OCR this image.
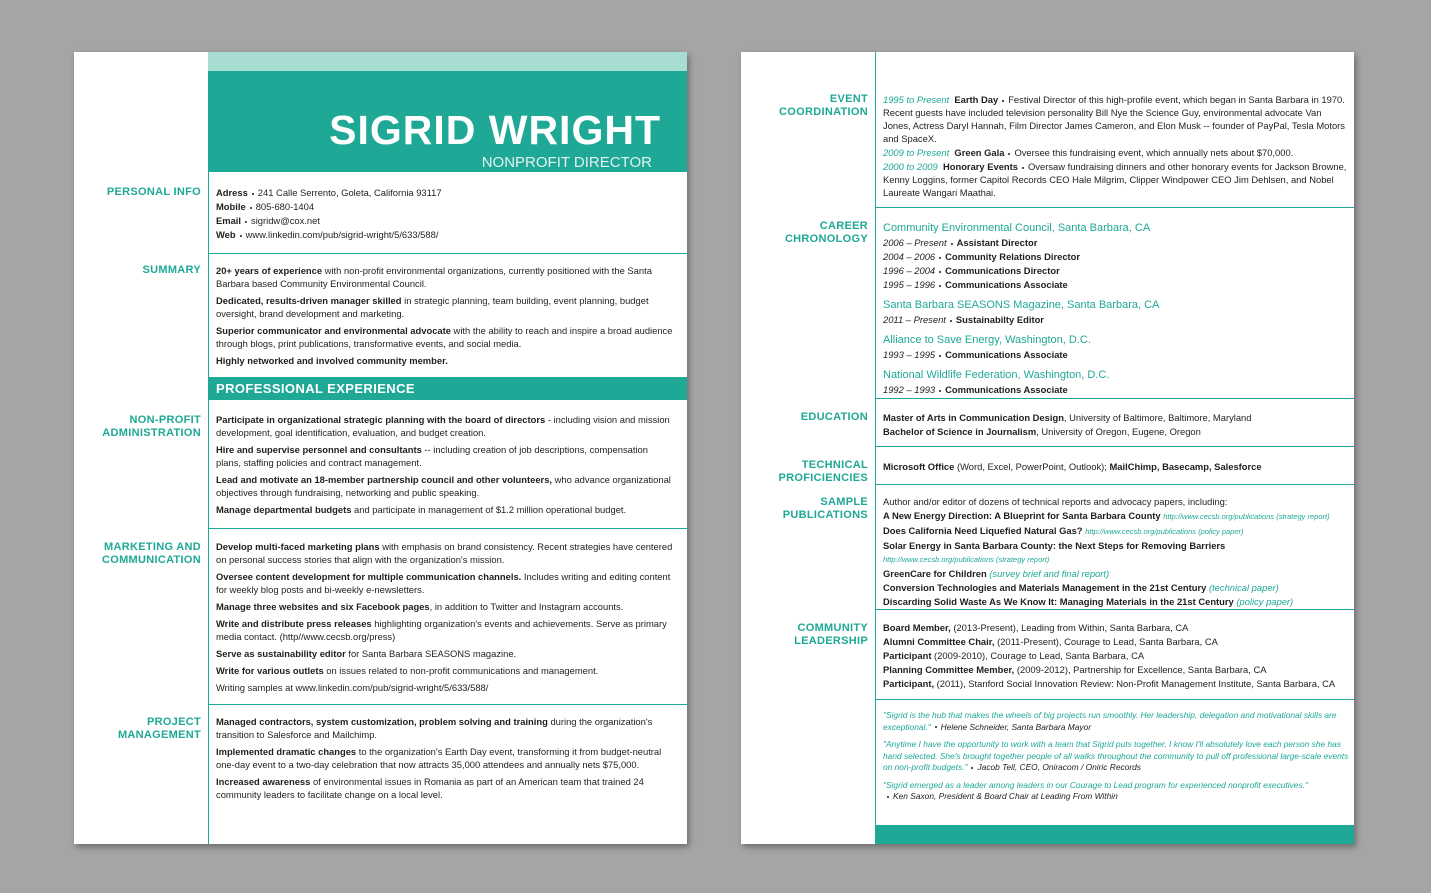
SIGRID WRIGHT
NONPROFIT DIRECTOR
PERSONAL INFO Adress 241 Calle Serrento, Goleta, California 93117

Mobile 805-680-1404

Email sigridw@cox.net

Web www.linkedin.com/pub/sigrid-wright/5/633/588/

SUMMARY 20+ years of experience with non-profit environmental organizations, currently positioned with the Santa Barbara based Community Environmental Council.

Dedicated, results-driven manager skilled in strategic planning, team building, event planning, budget oversight, brand development and marketing.

Superior communicator and environmental advocate with the ability to reach and inspire a broad audience through blogs, print publications, transformative events, and social media.

Highly networked and involved community member.

PROFESSIONAL EXPERIENCE
NON-PROFIT ADMINISTRATION

Participate in organizational strategic planning with the board of directors - including vision and mission development, goal identification, evaluation, and budget creation.

Hire and supervise personnel and consultants -- including creation of job descriptions, compensation plans, staffing policies and contract management.

Lead and motivate an 18-member partnership council and other volunteers, who advance organizational objectives through fundraising, networking and public speaking.

Manage departmental budgets and participate in management of $1.2 million operational budget.

MARKETING AND COMMUNICATION

Develop multi-faced marketing plans with emphasis on brand consistency. Recent strategies have centered on personal success stories that align with the organization's mission.

Oversee content development for multiple communication channels. Includes writing and editing content for weekly blog posts and bi-weekly e-newsletters.

Manage three websites and six Facebook pages, in addition to Twitter and Instagram accounts.

Write and distribute press releases highlighting organization's events and achievements. Serve as primary media contact. (http//www.cecsb.org/press)

Serve as sustainability editor for Santa Barbara SEASONS magazine.

Write for various outlets on issues related to non-profit communications and management.

Writing samples at www.linkedin.com/pub/sigrid-wright/5/633/588/

PROJECT MANAGEMENT

Managed contractors, system customization, problem solving and training during the organization's transition to Salesforce and Mailchimp.

Implemented dramatic changes to the organization's Earth Day event, transforming it from budget-neutral one-day event to a two-day celebration that now attracts 35,000 attendees and annually nets $75,000.

Increased awareness of environmental issues in Romania as part of an American team that trained 24 community leaders to facilitate change on a local level.

EVENT COORDINATION

1995 to Present Earth Day Festival Director of this high-profile event, which began in Santa Barbara in 1970. Recent guests have included television personality Bill Nye the Science Guy, environmental advocate Van Jones, Actress Daryl Hannah, Film Director James Cameron, and Elon Musk -- founder of PayPal, Tesla Motors and SpaceX.

2009 to Present Green Gala Oversee this fundraising event, which annually nets about $70,000.

2000 to 2009 Honorary Events Oversaw fundraising dinners and other honorary events for Jackson Browne, Kenny Loggins, former Capitol Records CEO Hale Milgrim, Clipper Windpower CEO Jim Dehlsen, and Nobel Laureate Wangari Maathai.

CAREER CHRONOLOGY
Community Environmental Council, Santa Barbara, CA

2006 – Present Assistant Director

2004 – 2006 Community Relations Director

1996 – 2004 Communications Director

1995 – 1996 Communications Associate

Santa Barbara SEASONS Magazine, Santa Barbara, CA

2011 – Present Sustainabilty Editor

Alliance to Save Energy, Washington, D.C.

1993 – 1995 Communications Associate

National Wildlife Federation, Washington, D.C.

1992 – 1993 Communications Associate

EDUCATION Master of Arts in Communication Design, University of Baltimore, Baltimore, Maryland

Bachelor of Science in Journalism, University of Oregon, Eugene, Oregon

TECHNICAL PROFICIENCIES

Microsoft Office (Word, Excel, PowerPoint, Outlook); MailChimp, Basecamp, Salesforce

SAMPLE PUBLICATIONS

Author and/or editor of dozens of technical reports and advocacy papers, including:

A New Energy Direction: A Blueprint for Santa Barbara County http://www.cecsb.org/publications (strategy report)

Does California Need Liquefied Natural Gas? http://www.cecsb.org/publications (policy paper)

Solar Energy in Santa Barbara County: the Next Steps for Removing Barriers
http://www.cecsb.org/publications (strategy report)

GreenCare for Children (survey brief and final report)

Conversion Technologies and Materials Management in the 21st Century (technical paper)

Discarding Solid Waste As We Know It: Managing Materials in the 21st Century (policy paper)

COMMUNITY LEADERSHIP

Board Member, (2013-Present), Leading from Within, Santa Barbara, CA

Alumni Committee Chair, (2011-Present), Courage to Lead, Santa Barbara, CA

Participant (2009-2010), Courage to Lead, Santa Barbara, CA

Planning Committee Member, (2009-2012), Partnership for Excellence, Santa Barbara, CA

Participant, (2011), Stanford Social Innovation Review: Non-Profit Management Institute, Santa Barbara, CA

"Sigrid is the hub that makes the wheels of big projects run smoothly. Her leadership, delegation and motivational skills are exceptional." Helene Schneider, Santa Barbara Mayor

"Anytime I have the opportunity to work with a team that Sigrid puts together, I know I'll absolutely love each person she has hand selected. She's brought together people of all walks throughout the community to pull off professional large-scale events on non-profit budgets." Jacob Tell, CEO, Oniracom / Oniric Records

"Sigrid emerged as a leader among leaders in our Courage to Lead program for experienced nonprofit executives."
Ken Saxon, President & Board Chair at Leading From Within
